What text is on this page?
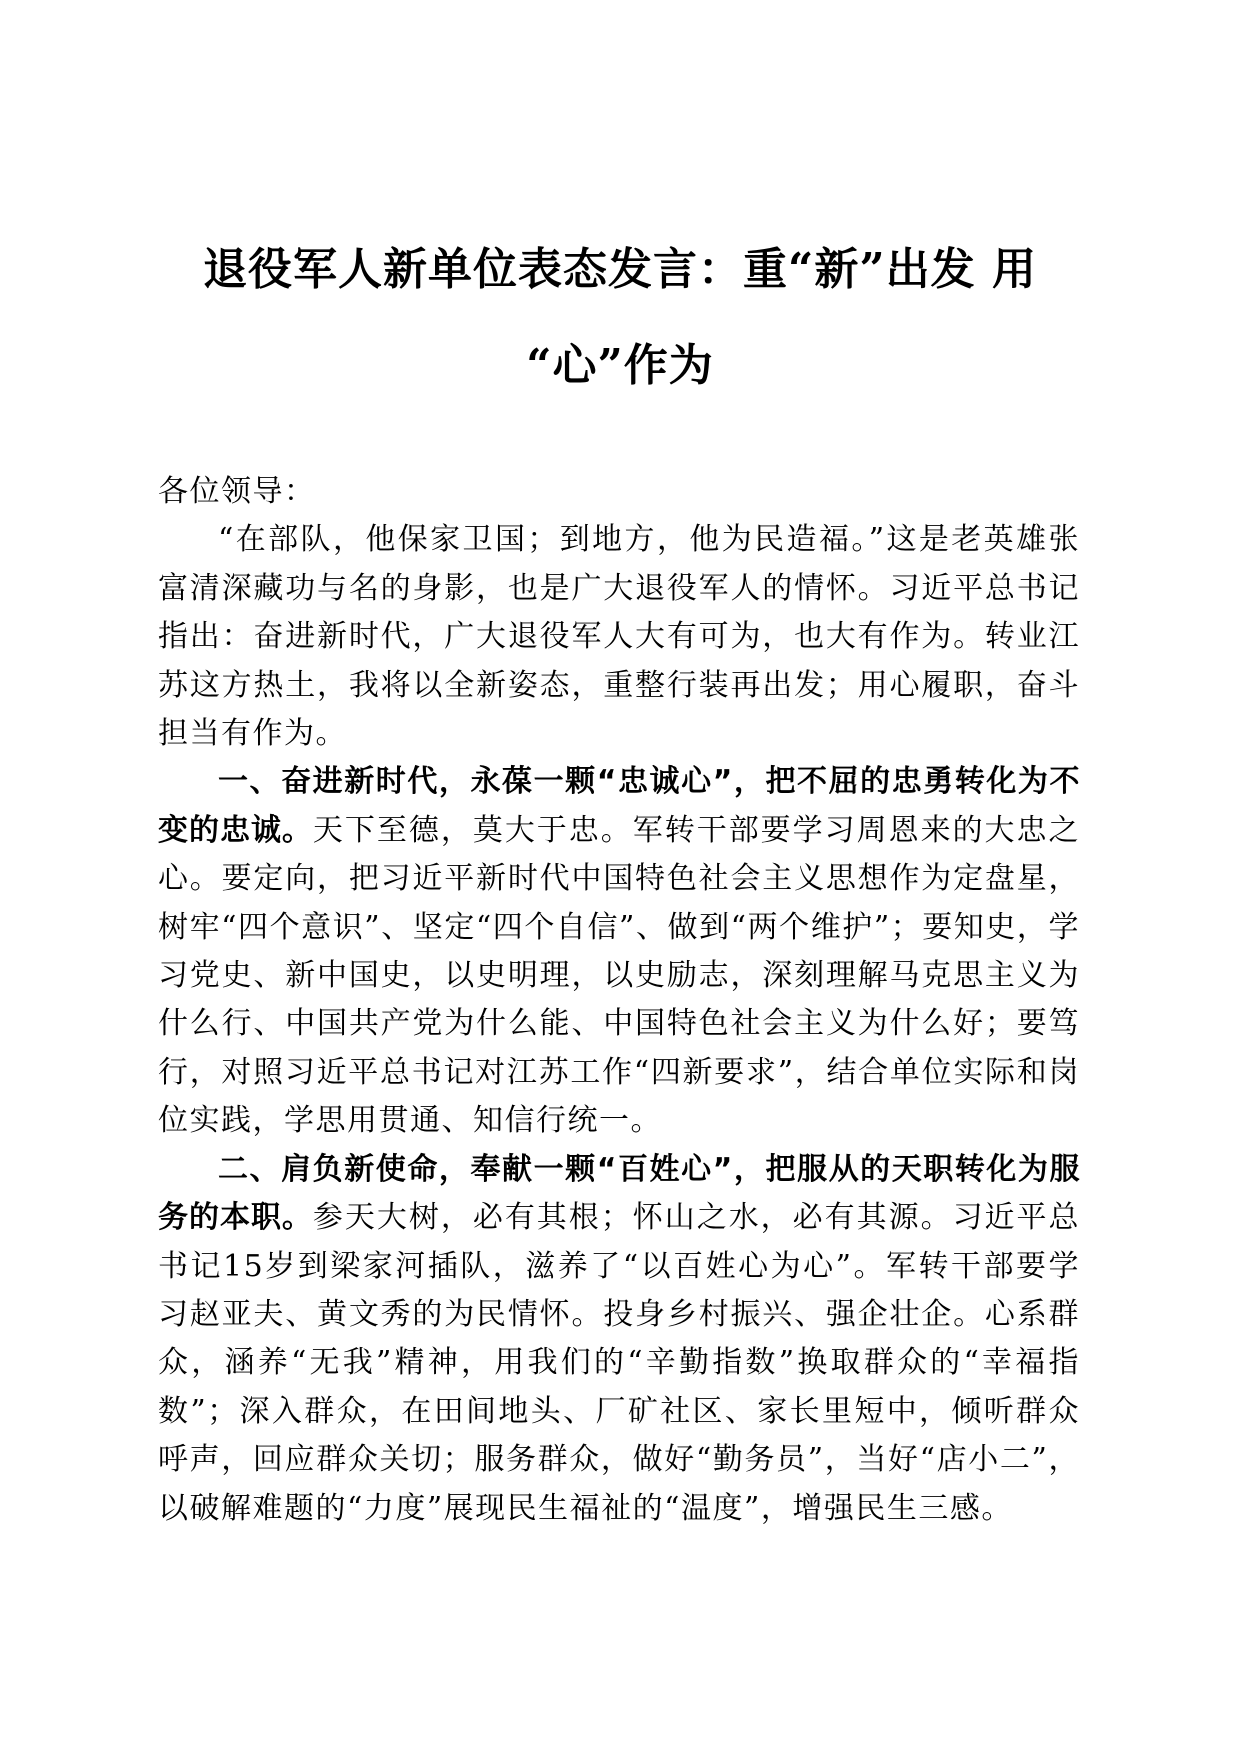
退役军人新单位表态发言：重“新”出发 用
“心”作为

各位领导：

“在部队，他保家卫国；到地方，他为民造福。”这是老英雄张富清深藏功与名的身影，也是广大退役军人的情怀。习近平总书记指出：奋进新时代，广大退役军人大有可为，也大有作为。转业江苏这方热土，我将以全新姿态，重整行装再出发；用心履职，奋斗担当有作为。

一、奋进新时代，永葆一颗“忠诚心”，把不屈的忠勇转化为不变的忠诚。天下至德，莫大于忠。军转干部要学习周恩来的大忠之心。要定向，把习近平新时代中国特色社会主义思想作为定盘星，树牢“四个意识”、坚定“四个自信”、做到“两个维护”；要知史，学习党史、新中国史，以史明理，以史励志，深刻理解马克思主义为什么行、中国共产党为什么能、中国特色社会主义为什么好；要笃行，对照习近平总书记对江苏工作“四新要求”，结合单位实际和岗位实践，学思用贯通、知信行统一。

二、肩负新使命，奉献一颗“百姓心”，把服从的天职转化为服务的本职。参天大树，必有其根；怀山之水，必有其源。习近平总书记15岁到梁家河插队，滋养了“以百姓心为心”。军转干部要学习赵亚夫、黄文秀的为民情怀。投身乡村振兴、强企壮企。心系群众，涵养“无我”精神，用我们的“辛勤指数”换取群众的“幸福指数”；深入群众，在田间地头、厂矿社区、家长里短中，倾听群众呼声，回应群众关切；服务群众，做好“勤务员”，当好“店小二”，以破解难题的“力度”展现民生福祉的“温度”，增强民生三感。
